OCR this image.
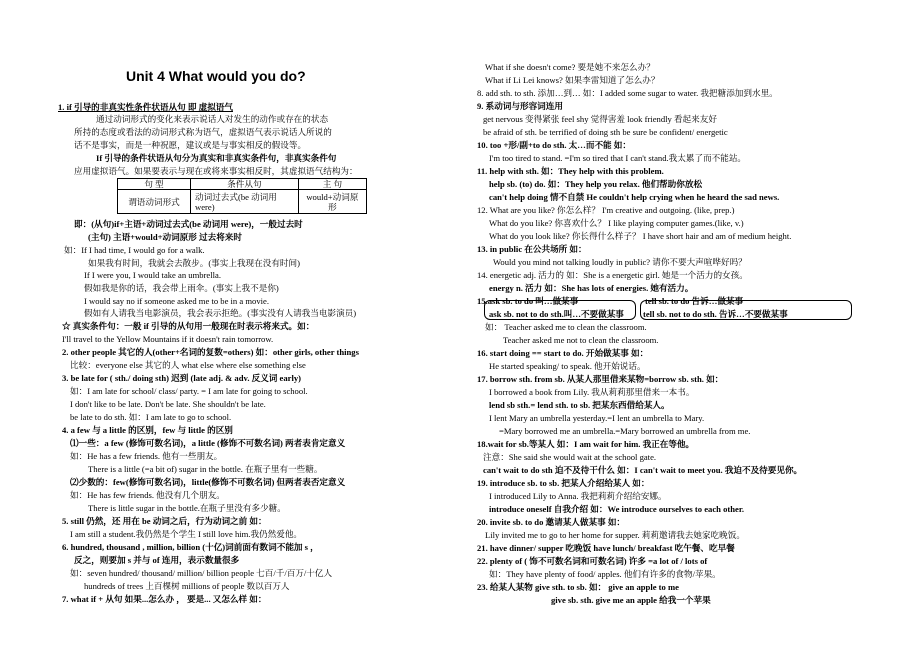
Unit 4 What would you do?
1. if 引导的非真实性条件状语从句 即 虚拟语气
通过动词形式的变化来表示说话人对发生的动作或存在的状态
所持的态度或看法的动词形式称为语气，虚拟语气表示说话人所说的
话不是事实，而是一种祝愿，建议或是与事实相反的假设等。
If 引导的条件状语从句分为真实和非真实条件句，非真实条件句
应用虚拟语气。如果要表示与现在或将来事实相反时，其虚拟语气结构为：
即：(从句)if+主语+动词过去式(be 动词用 were)，一般过去时
(主句) 主语+would+动词原形 过去将来时
如：If I had time, I would go for a walk.
如果我有时间，我就会去散步。(事实上我现在没有时间)
If I were you, I would take an umbrella.
假如我是你的话，我会带上雨伞。(事实上我不是你)
I would say no if someone asked me to be in a movie.
假如有人请我当电影演员，我会表示拒绝。(事实没有人请我当电影演员)
☆ 真实条件句：一般 if 引导的从句用一般现在时表示将来式。如：
I'll travel to the Yellow Mountains if it doesn't rain tomorrow.
2. other people 其它的人(other+名词的复数=others) 如：other girls, other things
比较：everyone else 其它的人 what else where else something else
3. be late for ( sth./ doing sth) 迟到 (late adj. & adv. 反义词 early)
如：I am late for school/ class/ party. = I am late for going to school.
I don't like to be late. Don't be late. She shouldn't be late.
be late to do sth. 如：I am late to go to school.
4. a few 与 a little 的区别，few 与 little 的区别
⑴一些：a few (修饰可数名词)，a little (修饰不可数名词) 两者表肯定意义
如：He has a few friends. 他有一些朋友。
There is a little (=a bit of) sugar in the bottle. 在瓶子里有一些糖。
⑵少数的：few(修饰可数名词)，little(修饰不可数名词) 但两者表否定意义
如：He has few friends. 他没有几个朋友。
There is little sugar in the bottle.在瓶子里没有多少糖。
5. still 仍然，还 用在 be 动词之后，行为动词之前 如：
I am still a student.我仍然是个学生 I still love him.我仍然爱他。
6. hundred, thousand , million, billion (十亿)词前面有数词不能加 s ，
反之，则要加 s 并与 of 连用，表示数量很多
如：seven hundred/ thousand/ million/ billion people 七百/千/百万/十亿人
hundreds of trees 上百棵树 millions of people 数以百万人
7. what if + 从句 如果...怎么办 ， 要是... 又怎么样 如：
句 型	条件从句	主 句
谓语动词形式	动词过去式(be 动词用 were)	would+动词原形
What if she doesn't come? 要是她不来怎么办？
What if Li Lei knows? 如果李雷知道了怎么办？
8. add sth. to sth. 添加…到… 如：I added some sugar to water. 我把糖添加到水里。
9. 系动词与形容词连用
get nervous 变得紧张 feel shy 觉得害羞 look friendly 看起来友好
be afraid of sth. be terrified of doing sth be sure be confident/ energetic
10. too +形/副+to do sth. 太…而不能 如：
I'm too tired to stand. =I'm so tired that I can't stand.我太累了而不能站。
11. help with sth. 如：They help with this problem.
help sb. (to) do. 如：They help you relax. 他们帮助你放松
can't help doing 情不自禁 He couldn't help crying when he heard the sad news.
12. What are you like? 你怎么样？ I'm creative and outgoing. (like, prep.)
What do you like? 你喜欢什么？ I like playing computer games.(like, v.)
What do you look like? 你长得什么样子？ I have short hair and am of medium height.
13. in public 在公共场所 如：
Would you mind not talking loudly in public? 请你不要大声喧哗好吗？
14. energetic adj. 活力的 如：She is a energetic girl. 她是一个活力的女孩。
energy n. 活力 如：She has lots of energies. 她有活力。
15.ask sb. to do 叫…做某事	tell sb. to do 告诉…做某事
ask sb. not to do sth.叫…不要做某事 tell sb. not to do sth. 告诉…不要做某事
如： Teacher asked me to clean the classroom.
Teacher asked me not to clean the classroom.
16. start doing == start to do. 开始做某事 如：
He started speaking/ to speak. 他开始说话。
17. borrow sth. from sb. 从某人那里借来某物=borrow sb. sth. 如：
I borrowed a book from Lily. 我从莉莉那里借来一本书。
lend sb sth.= lend sth. to sb. 把某东西借给某人。
I lent Mary an umbrella yesterday.=I lent an umbrella to Mary.
=Mary borrowed me an umbrella.=Mary borrowed an umbrella from me.
18.wait for sb.等某人 如：I am wait for him. 我正在等他。
注意：She said she would wait at the school gate.
can't wait to do sth 迫不及待干什么 如：I can't wait to meet you. 我迫不及待要见你。
19. introduce sb. to sb. 把某人介绍给某人 如：
I introduced Lily to Anna. 我把莉莉介绍给安娜。
introduce oneself 自我介绍 如：We introduce ourselves to each other.
20. invite sb. to do 邀请某人做某事 如：
Lily invited me to go to her home for supper. 莉莉邀请我去她家吃晚饭。
21. have dinner/ supper 吃晚饭 have lunch/ breakfast 吃午餐、吃早餐
22. plenty of ( 饰不可数名词和可数名词) 许多 =a lot of / lots of
如：They have plenty of food/ apples. 他们有许多的食物/苹果。
23. 给某人某物 give sth. to sb. 如： give an apple to me
give sb. sth. give me an apple 给我一个苹果
